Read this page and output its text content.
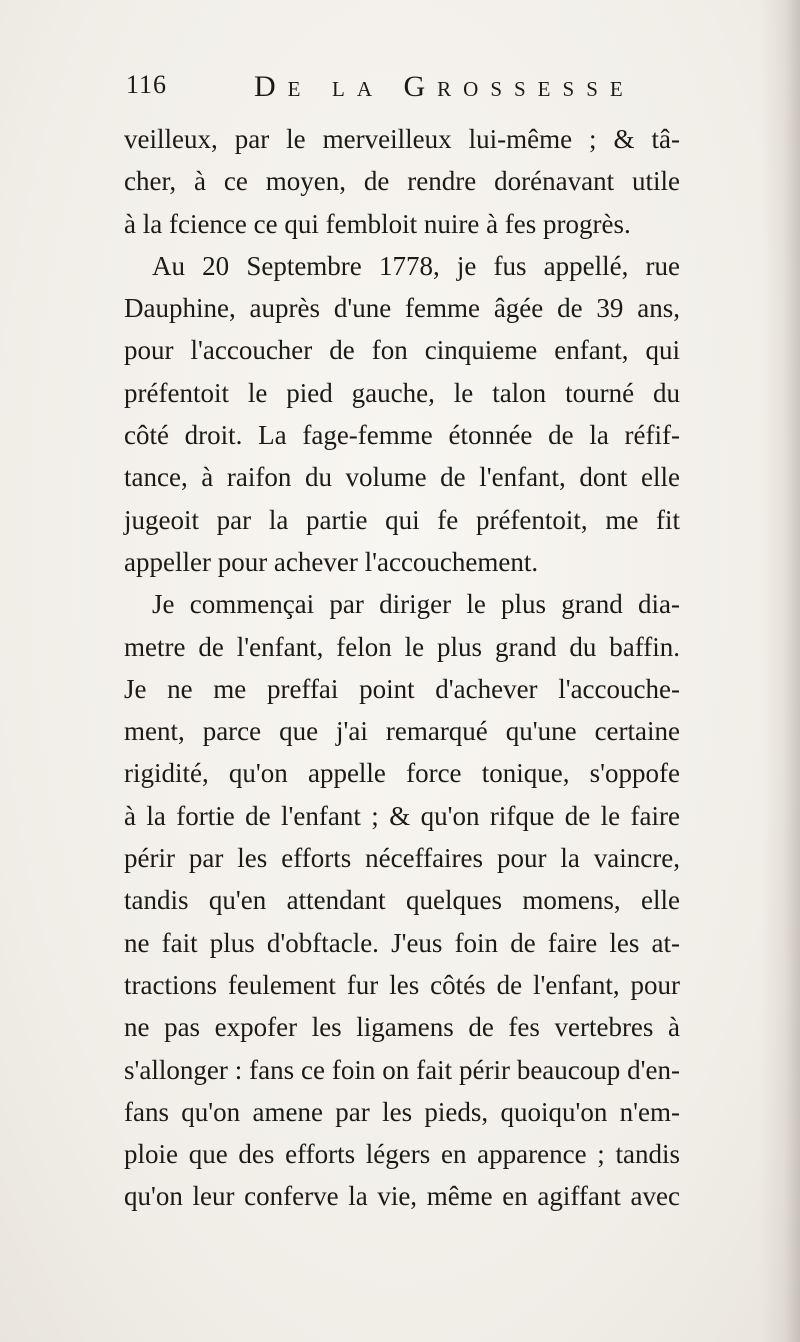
116	De la Grossesse
veilleux, par le merveilleux lui-même ; & tâ-
cher, à ce moyen, de rendre dorénavant utile
à la fcience ce qui fembloit nuire à fes progrès.
Au 20 Septembre 1778, je fus appellé, rue
Dauphine, auprès d'une femme âgée de 39 ans,
pour l'accoucher de fon cinquieme enfant, qui
préfentoit le pied gauche, le talon tourné du
côté droit. La fage-femme étonnée de la réfif-
tance, à raifon du volume de l'enfant, dont elle
jugeoit par la partie qui fe préfentoit, me fit
appeller pour achever l'accouchement.
Je commençai par diriger le plus grand dia-
metre de l'enfant, felon le plus grand du baffin.
Je ne me preffai point d'achever l'accouche-
ment, parce que j'ai remarqué qu'une certaine
rigidité, qu'on appelle force tonique, s'oppofe
à la fortie de l'enfant ; & qu'on rifque de le faire
périr par les efforts néceffaires pour la vaincre,
tandis qu'en attendant quelques momens, elle
ne fait plus d'obftacle. J'eus foin de faire les at-
tractions feulement fur les côtés de l'enfant, pour
ne pas expofer les ligamens de fes vertebres à
s'allonger : fans ce foin on fait périr beaucoup d'en-
fans qu'on amene par les pieds, quoiqu'on n'em-
ploie que des efforts légers en apparence ; tandis
qu'on leur conferve la vie, même en agiffant avec
